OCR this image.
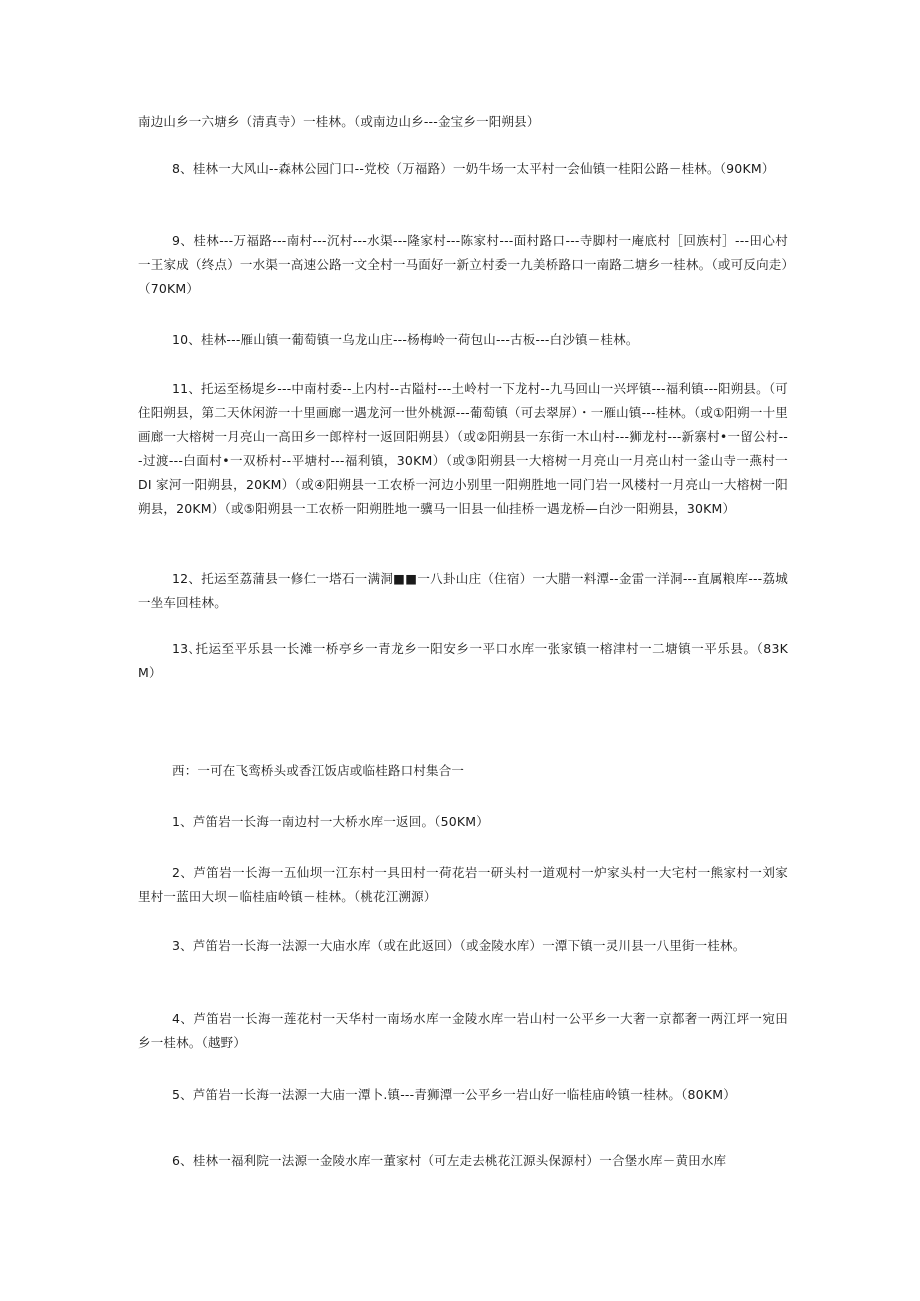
南边山乡一六塘乡（清真寺）一桂林。（或南边山乡---金宝乡一阳朔县）

8、桂林一大风山--森林公园门口--党校（万福路）一奶牛场一太平村一会仙镇一桂阳公路－桂林。（90KM）

9、桂林---万福路---南村---沉村---水渠---隆家村---陈家村---面村路口---寺脚村一庵底村［回族村］---田心村一王家成（终点）一水渠一高速公路一文全村一马面好一新立村委一九美桥路口一南路二塘乡一桂林。（或可反向走）（70KM）

10、桂林---雁山镇一葡萄镇一乌龙山庄---杨梅岭一荷包山---古板---白沙镇－桂林。

11、托运至杨堤乡---中南村委--上内村--古隘村---土岭村一下龙村--九马回山一兴坪镇---福利镇---阳朔县。（可住阳朔县，第二天休闲游一十里画廊一遇龙河一世外桃源---葡萄镇（可去翠屏）・一雁山镇---桂林。（或①阳朔一十里画廊一大榕树一月亮山一高田乡一郎梓村一返回阳朔县）（或②阳朔县一东街一木山村---狮龙村---新寨村•一留公村---过渡---白面村•一双桥村--平塘村---福利镇，30KM）（或③阳朔县一大榕树一月亮山一月亮山村一釜山寺一燕村一 DI 家河一阳朔县，20KM）（或④阳朔县一工农桥一河边小别里一阳朔胜地一同门岩一风楼村一月亮山一大榕树一阳朔县，20KM）（或⑤阳朔县一工农桥一阳朔胜地一骥马一旧县一仙挂桥一遇龙桥—白沙一阳朔县，30KM）

12、托运至荔蒲县一修仁一塔石一满洞■■一八卦山庄（住宿）一大腊一料潭--金雷一洋洞---直属粮库---荔城一坐车回桂林。

13､托运至平乐县一长滩一桥亭乡一青龙乡一阳安乡一平口水库一张家镇一榕津村一二塘镇一平乐县。（83KM）

西：一可在飞鸾桥头或香江饭店或临桂路口村集合一

1、芦笛岩一长海一南边村一大桥水库一返回。（50KM）

2、芦笛岩一长海一五仙坝一江东村一具田村一荷花岩一研头村一道观村一炉家头村一大宅村一熊家村一刘家里村一蓝田大坝－临桂庙岭镇－桂林。（桃花江溯源）

3、芦笛岩一长海一法源一大庙水库（或在此返回）（或金陵水库）一潭下镇一灵川县一八里街一桂林。

4、芦笛岩一长海一莲花村一天华村一南场水库一金陵水库一岩山村一公平乡一大奢一京都奢一两江坪一宛田乡一桂林。（越野）

5、芦笛岩一长海一法源一大庙一潭卜.镇---青狮潭一公平乡一岩山好一临桂庙岭镇一桂林。（80KM）

6、桂林一福利院一法源一金陵水库一董家村（可左走去桃花江源头保源村）一合堡水库－黄田水库
